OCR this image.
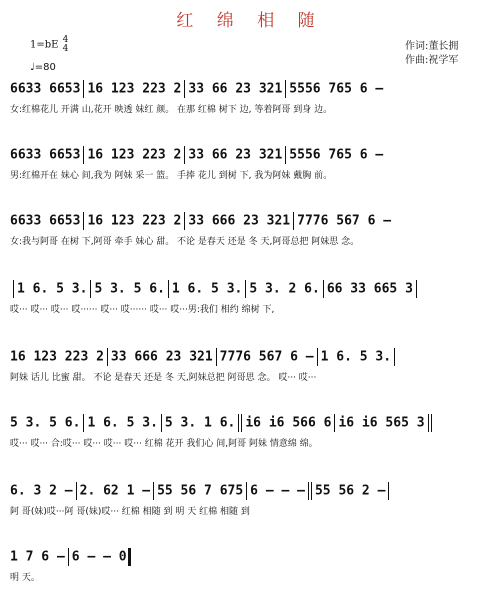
红 绵 相 随
1=bE 4
4
♩=80
作词:董长拥
作曲:祝学军
6633 6653 16 123 223 2 33 66 23 321 5556 765 6 –
女:红棉花儿 开满 山,花开 映透 妹红 颜。 在那 红棉 树下 边, 等着阿哥 到身 边。
6633 6653 16 123 223 2 33 66 23 321 5556 765 6 –
男:红棉开在 妹心 间,我为 阿妹 采一 篮。 手捧 花儿 到树 下, 我为阿妹 戴胸 前。
6633 6653 16 123 223 2 33 666 23 321 7776 567 6 –
女:我与阿哥 在树 下,阿哥 牵手 妹心 甜。 不论 是春天 还是 冬 天,阿哥总把 阿妹思 念。
1 6. 5 3. 5 3. 5 6. 1 6. 5 3. 5 3. 2 6. 66 33 665 3
哎··· 哎··· 哎··· 哎······ 哎··· 哎······ 哎··· 哎···男:我们 相约 绵树 下,
16 123 223 2 33 666 23 321 7776 567 6 – 1 6. 5 3.
阿妹 话儿 比蜜 甜。 不论 是春天 还是 冬 天,阿妹总把 阿哥思 念。 哎··· 哎···
5 3. 5 6. 1 6. 5 3. 5 3. 1 6. i6 i6 566 6 i6 i6 565 3
哎··· 哎··· 合:哎··· 哎··· 哎··· 哎··· 红棉 花开 我们心 间,阿哥 阿妹 情意绵 绵。
6. 3 2 – 2. 62 1 – 55 56 7 675 6 – – – 55 56 2 –
阿 哥(妹)哎···阿 哥(妹)哎··· 红棉 相随 到 明 天 红棉 相随 到
1 7 6 – 6 – – 0
明 天。
